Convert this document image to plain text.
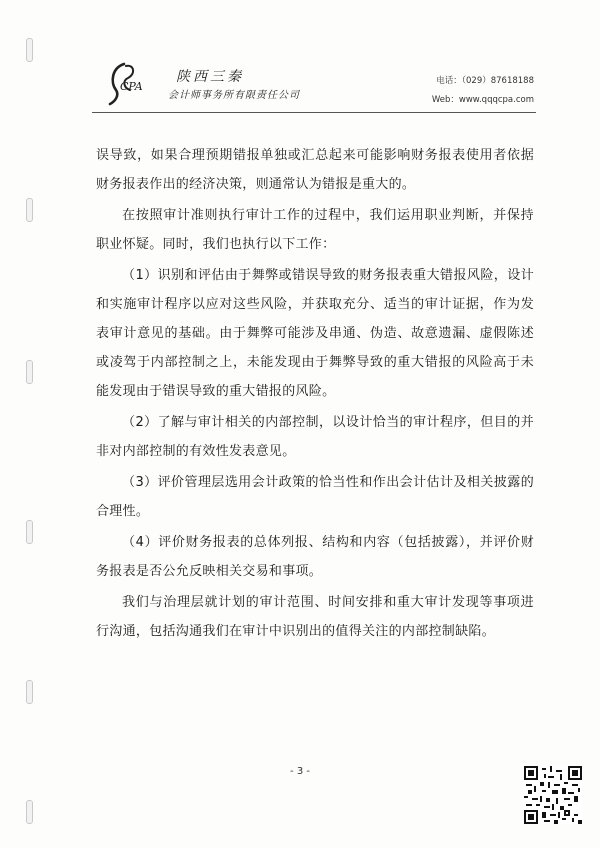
CPA
陕西三秦
会计师事务所有限责任公司
电话：（029）87618188
Web：www.qqqcpa.com

误导致，如果合理预期错报单独或汇总起来可能影响财务报表使用者依据财务报表作出的经济决策，则通常认为错报是重大的。

在按照审计准则执行审计工作的过程中，我们运用职业判断，并保持职业怀疑。同时，我们也执行以下工作：

（1）识别和评估由于舞弊或错误导致的财务报表重大错报风险，设计和实施审计程序以应对这些风险，并获取充分、适当的审计证据，作为发表审计意见的基础。由于舞弊可能涉及串通、伪造、故意遗漏、虚假陈述或凌驾于内部控制之上，未能发现由于舞弊导致的重大错报的风险高于未能发现由于错误导致的重大错报的风险。

（2）了解与审计相关的内部控制，以设计恰当的审计程序，但目的并非对内部控制的有效性发表意见。

（3）评价管理层选用会计政策的恰当性和作出会计估计及相关披露的合理性。

（4）评价财务报表的总体列报、结构和内容（包括披露），并评价财务报表是否公允反映相关交易和事项。

我们与治理层就计划的审计范围、时间安排和重大审计发现等事项进行沟通，包括沟通我们在审计中识别出的值得关注的内部控制缺陷。

- 3 -
